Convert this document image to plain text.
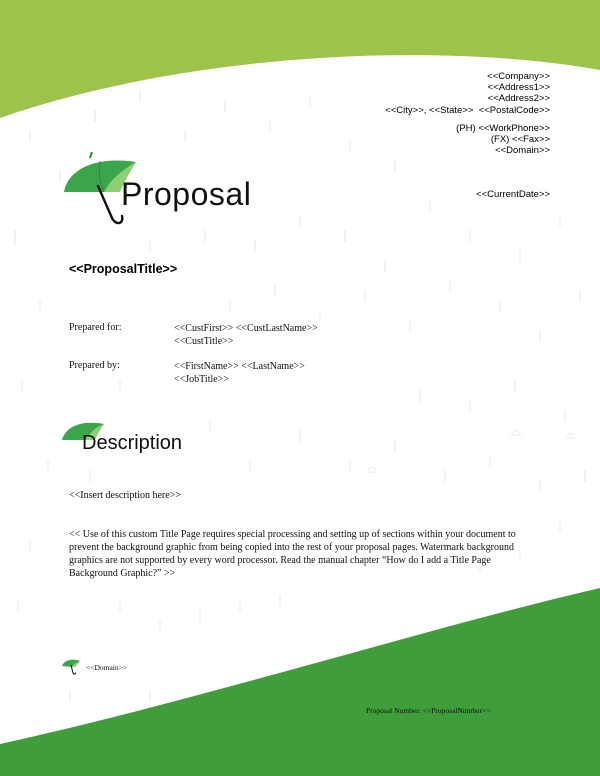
Proposal
<<Company>>
<<Address1>>
<<Address2>>
<<City>>, <<State>> <<PostalCode>>
(PH) <<WorkPhone>>
(FX) <<Fax>>
<<Domain>>
<<CurrentDate>>
<<ProposalTitle>>
Prepared for:	<<CustFirst>> <<CustLastName>>
<<CustTitle>>
Prepared by:	<<FirstName>> <<LastName>>
<<JobTitle>>
Description
<<Insert description here>>
<< Use of this custom Title Page requires special processing and setting up of sections within your document to prevent the background graphic from being copied into the rest of your proposal pages. Watermark background graphics are not supported by every word processor. Read the manual chapter “How do I add a Title Page Background Graphic?” >>
<<Domain>>
Proposal Number: <<ProposalNumber>>
